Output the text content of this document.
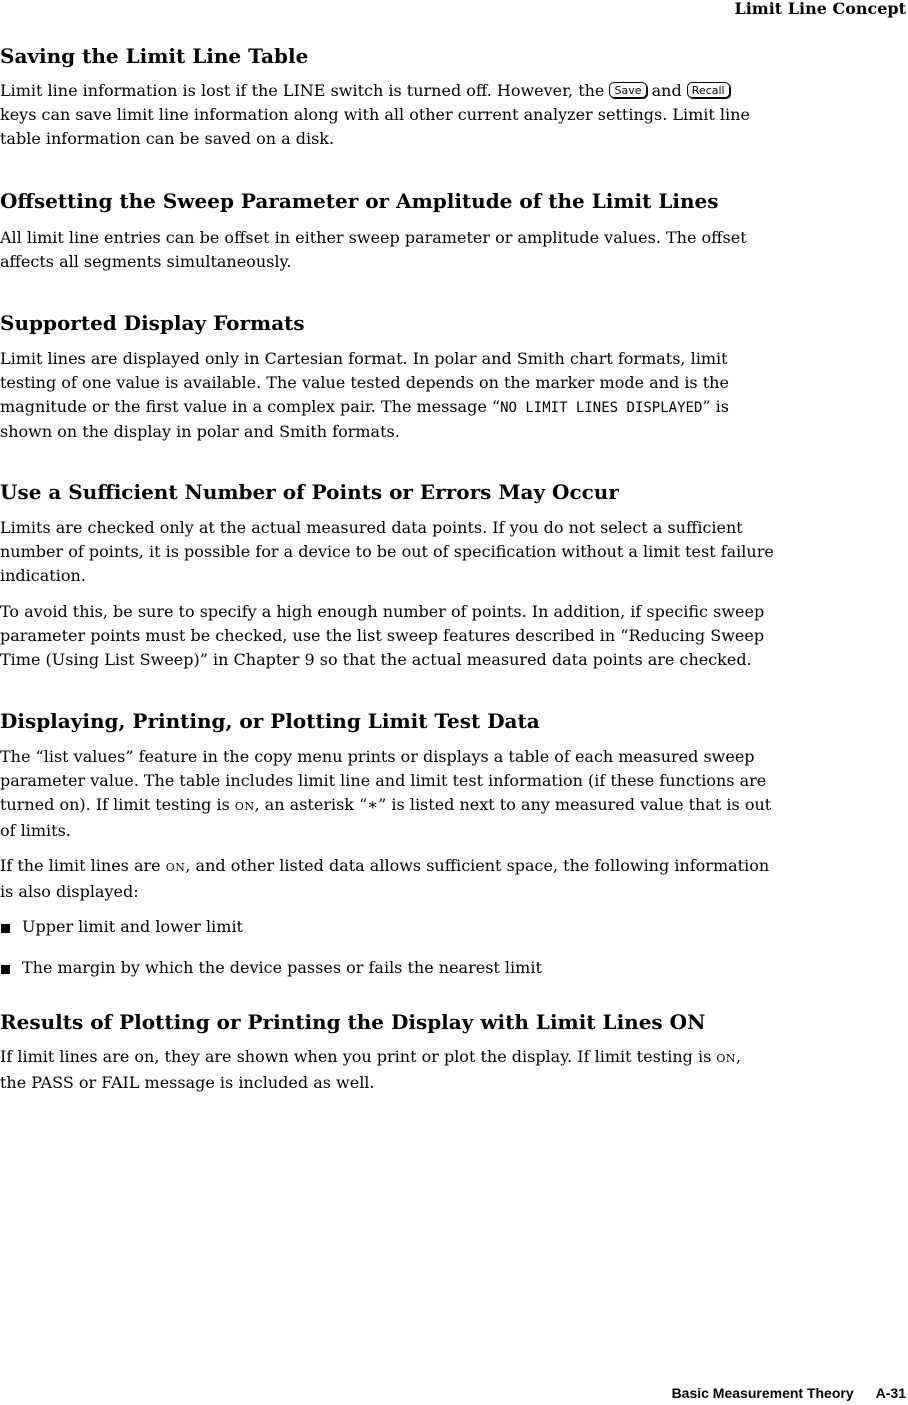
Limit Line Concept
Saving the Limit Line Table

Limit line information is lost if the LINE switch is turned off. However, the Save and Recall
keys can save limit line information along with all other current analyzer settings. Limit line
table information can be saved on a disk.

Offsetting the Sweep Parameter or Amplitude of the Limit Lines

All limit line entries can be offset in either sweep parameter or amplitude values. The offset
affects all segments simultaneously.

Supported Display Formats

Limit lines are displayed only in Cartesian format. In polar and Smith chart formats, limit
testing of one value is available. The value tested depends on the marker mode and is the
magnitude or the first value in a complex pair. The message “NO LIMIT LINES DISPLAYED” is
shown on the display in polar and Smith formats.

Use a Sufficient Number of Points or Errors May Occur

Limits are checked only at the actual measured data points. If you do not select a sufficient
number of points, it is possible for a device to be out of specification without a limit test failure
indication.

To avoid this, be sure to specify a high enough number of points. In addition, if specific sweep
parameter points must be checked, use the list sweep features described in “Reducing Sweep
Time (Using List Sweep)” in Chapter 9 so that the actual measured data points are checked.

Displaying, Printing, or Plotting Limit Test Data

The “list values” feature in the copy menu prints or displays a table of each measured sweep
parameter value. The table includes limit line and limit test information (if these functions are
turned on). If limit testing is ON, an asterisk “∗” is listed next to any measured value that is out
of limits.

If the limit lines are ON, and other listed data allows sufficient space, the following information
is also displayed:

Upper limit and lower limit
The margin by which the device passes or fails the nearest limit
Results of Plotting or Printing the Display with Limit Lines ON

If limit lines are on, they are shown when you print or plot the display. If limit testing is ON,
the PASS or FAIL message is included as well.

Basic Measurement Theory A-31
